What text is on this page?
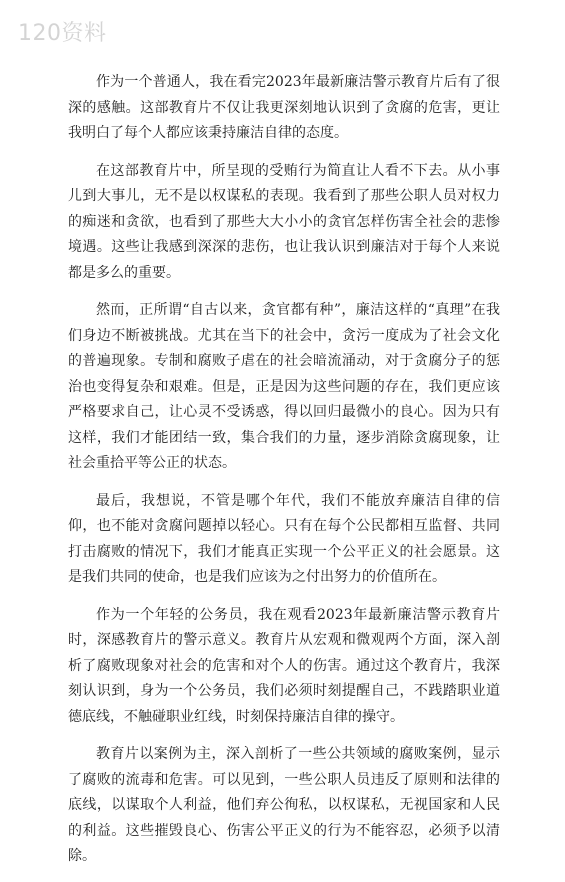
120资料

作为一个普通人，我在看完2023年最新廉洁警示教育片后有了很深的感触。这部教育片不仅让我更深刻地认识到了贪腐的危害，更让我明白了每个人都应该秉持廉洁自律的态度。

在这部教育片中，所呈现的受贿行为简直让人看不下去。从小事儿到大事儿，无不是以权谋私的表现。我看到了那些公职人员对权力的痴迷和贪欲，也看到了那些大大小小的贪官怎样伤害全社会的悲惨境遇。这些让我感到深深的悲伤，也让我认识到廉洁对于每个人来说都是多么的重要。

然而，正所谓“自古以来，贪官都有种”，廉洁这样的“真理”在我们身边不断被挑战。尤其在当下的社会中，贪污一度成为了社会文化的普遍现象。专制和腐败子虐在的社会暗流涌动，对于贪腐分子的惩治也变得复杂和艰难。但是，正是因为这些问题的存在，我们更应该严格要求自己，让心灵不受诱惑，得以回归最微小的良心。因为只有这样，我们才能团结一致，集合我们的力量，逐步消除贪腐现象，让社会重拾平等公正的状态。

最后，我想说，不管是哪个年代，我们不能放弃廉洁自律的信仰，也不能对贪腐问题掉以轻心。只有在每个公民都相互监督、共同打击腐败的情况下，我们才能真正实现一个公平正义的社会愿景。这是我们共同的使命，也是我们应该为之付出努力的价值所在。

作为一个年轻的公务员，我在观看2023年最新廉洁警示教育片时，深感教育片的警示意义。教育片从宏观和微观两个方面，深入剖析了腐败现象对社会的危害和对个人的伤害。通过这个教育片，我深刻认识到，身为一个公务员，我们必须时刻提醒自己，不践踏职业道德底线，不触碰职业红线，时刻保持廉洁自律的操守。

教育片以案例为主，深入剖析了一些公共领域的腐败案例，显示了腐败的流毒和危害。可以见到，一些公职人员违反了原则和法律的底线，以谋取个人利益，他们弃公徇私，以权谋私，无视国家和人民的利益。这些摧毁良心、伤害公平正义的行为不能容忍，必须予以清除。
